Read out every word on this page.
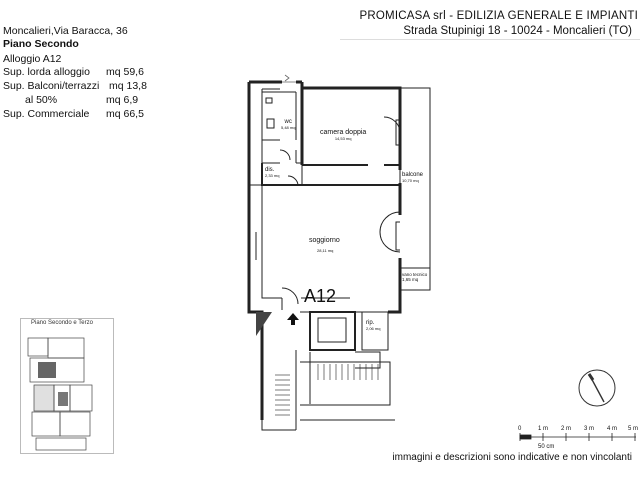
Moncalieri,Via Baracca, 36
Piano Secondo
Alloggio A12
Sup. lorda alloggio mq 59,6
Sup. Balconi/terrazzi mq 13,8
al 50%	mq 6,9
Sup. Commerciale mq 66,5
PROMICASA srl - EDILIZIA GENERALE E IMPIANTI
Strada Stupinigi 18 - 10024 - Moncalieri (TO)
wc
5,48 mq
camera doppia
14,53 mq
dis.
2,33 mq	balcone
10,70 mq
soggiorno
28,11 mq
vano tecnico
1,65 mq
rip.
2,06 mq
A12
Piano Secondo e Terzo
0	1 m 2 m 3 m 4 m 5 m
50 cm
immagini e descrizioni sono indicative e non vincolanti
